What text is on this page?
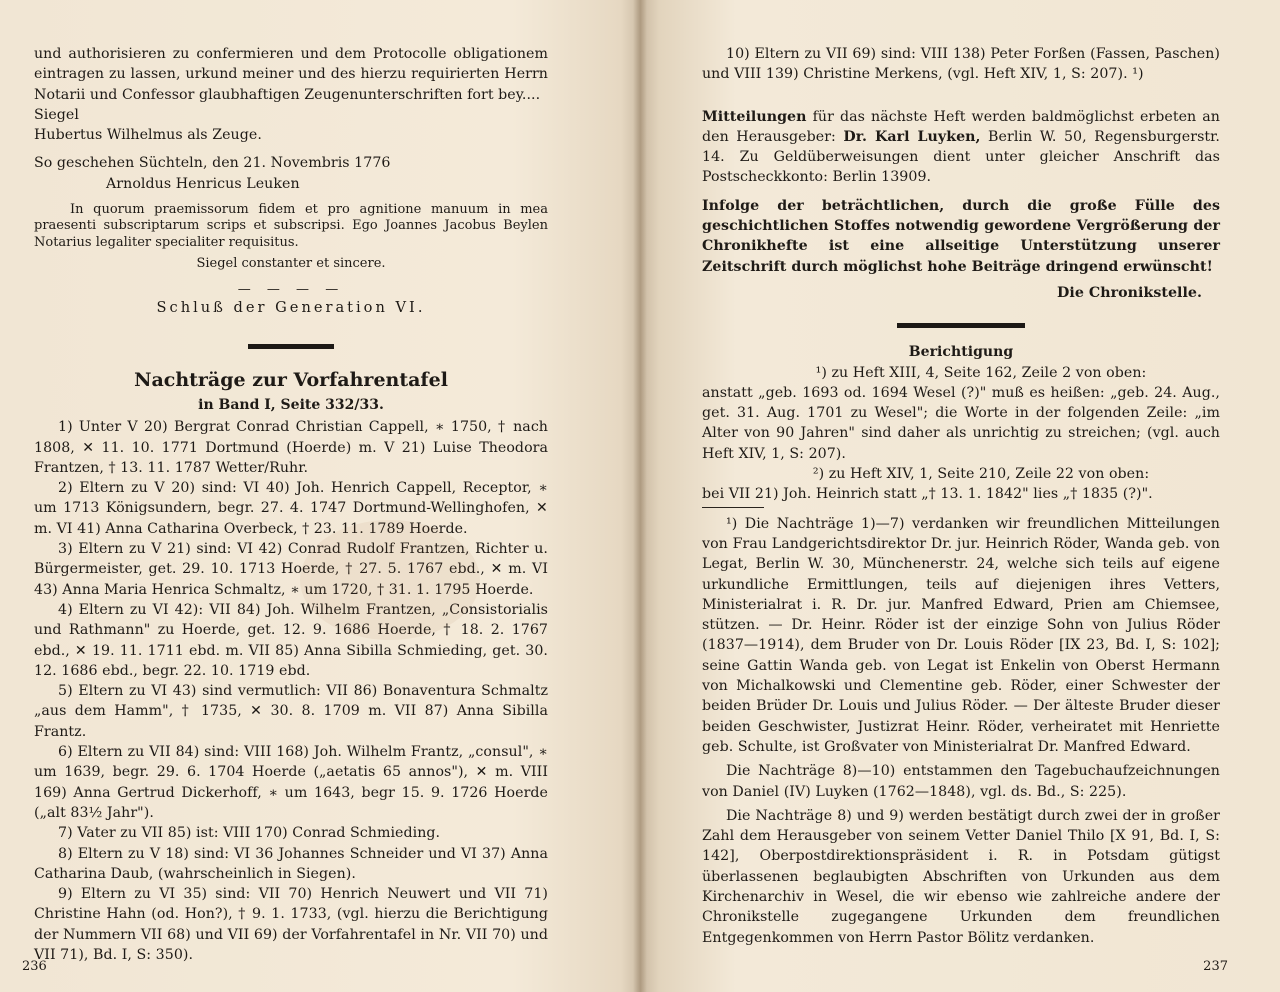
und authorisieren zu confermieren und dem Protocolle obligationem eintragen zu lassen, urkund meiner und des hierzu requirierten Herrn Notarii und Confessor glaubhaftigen Zeugenunterschriften fort bey....

Siegel

Hubertus Wilhelmus als Zeuge.

So geschehen Süchteln, den 21. Novembris 1776

Arnoldus Henricus Leuken

In quorum praemissorum fidem et pro agnitione manuum in mea praesenti subscriptarum scrips et subscripsi. Ego Joannes Jacobus Beylen Notarius legaliter specialiter requisitus.

Siegel constanter et sincere.

— — — —

Schluß der Generation VI.

Nachträge zur Vorfahrentafel

in Band I, Seite 332/33.

1) Unter V 20) Bergrat Conrad Christian Cappell, ∗ 1750, † nach 1808, ✕ 11. 10. 1771 Dortmund (Hoerde) m. V 21) Luise Theodora Frantzen, † 13. 11. 1787 Wetter/Ruhr.

2) Eltern zu V 20) sind: VI 40) Joh. Henrich Cappell, Receptor, ∗ um 1713 Königsundern, begr. 27. 4. 1747 Dortmund-Wellinghofen, ✕ m. VI 41) Anna Catharina Overbeck, † 23. 11. 1789 Hoerde.

3) Eltern zu V 21) sind: VI 42) Conrad Rudolf Frantzen, Richter u. Bürgermeister, get. 29. 10. 1713 Hoerde, † 27. 5. 1767 ebd., ✕ m. VI 43) Anna Maria Henrica Schmaltz, ∗ um 1720, † 31. 1. 1795 Hoerde.

4) Eltern zu VI 42): VII 84) Joh. Wilhelm Frantzen, „Consistorialis und Rathmann" zu Hoerde, get. 12. 9. 1686 Hoerde, † 18. 2. 1767 ebd., ✕ 19. 11. 1711 ebd. m. VII 85) Anna Sibilla Schmieding, get. 30. 12. 1686 ebd., begr. 22. 10. 1719 ebd.

5) Eltern zu VI 43) sind vermutlich: VII 86) Bonaventura Schmaltz „aus dem Hamm", † 1735, ✕ 30. 8. 1709 m. VII 87) Anna Sibilla Frantz.

6) Eltern zu VII 84) sind: VIII 168) Joh. Wilhelm Frantz, „consul", ∗ um 1639, begr. 29. 6. 1704 Hoerde („aetatis 65 annos"), ✕ m. VIII 169) Anna Gertrud Dickerhoff, ∗ um 1643, begr 15. 9. 1726 Hoerde („alt 83½ Jahr").

7) Vater zu VII 85) ist: VIII 170) Conrad Schmieding.

8) Eltern zu V 18) sind: VI 36 Johannes Schneider und VI 37) Anna Catharina Daub, (wahrscheinlich in Siegen).

9) Eltern zu VI 35) sind: VII 70) Henrich Neuwert und VII 71) Christine Hahn (od. Hon?), † 9. 1. 1733, (vgl. hierzu die Berichtigung der Nummern VII 68) und VII 69) der Vorfahrentafel in Nr. VII 70) und VII 71), Bd. I, S: 350).

236

10) Eltern zu VII 69) sind: VIII 138) Peter Forßen (Fassen, Paschen) und VIII 139) Christine Merkens, (vgl. Heft XIV, 1, S: 207). ¹)

Mitteilungen für das nächste Heft werden baldmöglichst erbeten an den Herausgeber: Dr. Karl Luyken, Berlin W. 50, Regensburgerstr. 14. Zu Geldüberweisungen dient unter gleicher Anschrift das Postscheckkonto: Berlin 13909.

Infolge der beträchtlichen, durch die große Fülle des geschichtlichen Stoffes notwendig gewordene Vergrößerung der Chronikhefte ist eine allseitige Unterstützung unserer Zeitschrift durch möglichst hohe Beiträge dringend erwünscht!

Die Chronikstelle.

Berichtigung

¹) zu Heft XIII, 4, Seite 162, Zeile 2 von oben:

anstatt „geb. 1693 od. 1694 Wesel (?)" muß es heißen: „geb. 24. Aug., get. 31. Aug. 1701 zu Wesel"; die Worte in der folgenden Zeile: „im Alter von 90 Jahren" sind daher als unrichtig zu streichen; (vgl. auch Heft XIV, 1, S: 207).

²) zu Heft XIV, 1, Seite 210, Zeile 22 von oben:

bei VII 21) Joh. Heinrich statt „† 13. 1. 1842" lies „† 1835 (?)".

¹) Die Nachträge 1)—7) verdanken wir freundlichen Mitteilungen von Frau Landgerichtsdirektor Dr. jur. Heinrich Röder, Wanda geb. von Legat, Berlin W. 30, Münchenerstr. 24, welche sich teils auf eigene urkundliche Ermittlungen, teils auf diejenigen ihres Vetters, Ministerialrat i. R. Dr. jur. Manfred Edward, Prien am Chiemsee, stützen. — Dr. Heinr. Röder ist der einzige Sohn von Julius Röder (1837—1914), dem Bruder von Dr. Louis Röder [IX 23, Bd. I, S: 102]; seine Gattin Wanda geb. von Legat ist Enkelin von Oberst Hermann von Michalkowski und Clementine geb. Röder, einer Schwester der beiden Brüder Dr. Louis und Julius Röder. — Der älteste Bruder dieser beiden Geschwister, Justizrat Heinr. Röder, verheiratet mit Henriette geb. Schulte, ist Großvater von Ministerialrat Dr. Manfred Edward.

Die Nachträge 8)—10) entstammen den Tagebuchaufzeichnungen von Daniel (IV) Luyken (1762—1848), vgl. ds. Bd., S: 225).

Die Nachträge 8) und 9) werden bestätigt durch zwei der in großer Zahl dem Herausgeber von seinem Vetter Daniel Thilo [X 91, Bd. I, S: 142], Oberpostdirektionspräsident i. R. in Potsdam gütigst überlassenen beglaubigten Abschriften von Urkunden aus dem Kirchenarchiv in Wesel, die wir ebenso wie zahlreiche andere der Chronikstelle zugegangene Urkunden dem freundlichen Entgegenkommen von Herrn Pastor Bölitz verdanken.

237
